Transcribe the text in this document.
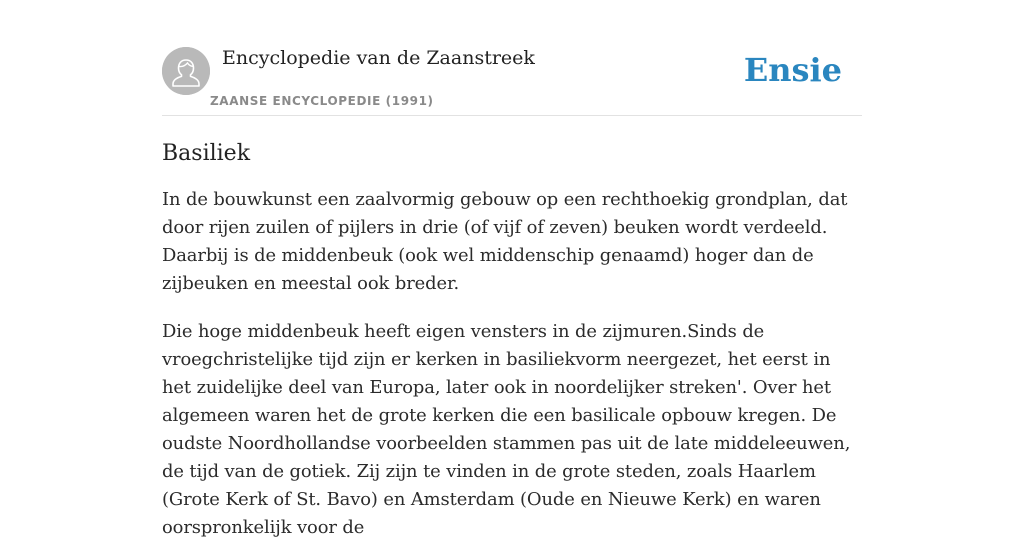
Encyclopedie van de Zaanstreek
ZAANSE ENCYCLOPEDIE (1991)
Ensie
Basiliek

In de bouwkunst een zaalvormig gebouw op een rechthoekig grondplan, dat door rijen zuilen of pijlers in drie (of vijf of zeven) beuken wordt verdeeld. Daarbij is de middenbeuk (ook wel middenschip genaamd) hoger dan de zijbeuken en meestal ook breder.

Die hoge middenbeuk heeft eigen vensters in de zijmuren.Sinds de vroegchristelijke tijd zijn er kerken in basiliekvorm neergezet, het eerst in het zuidelijke deel van Europa, later ook in noordelijker streken'. Over het algemeen waren het de grote kerken die een basilicale opbouw kregen. De oudste Noordhollandse voorbeelden stammen pas uit de late middeleeuwen, de tijd van de gotiek. Zij zijn te vinden in de grote steden, zoals Haarlem (Grote Kerk of St. Bavo) en Amsterdam (Oude en Nieuwe Kerk) en waren oorspronkelijk voor de
